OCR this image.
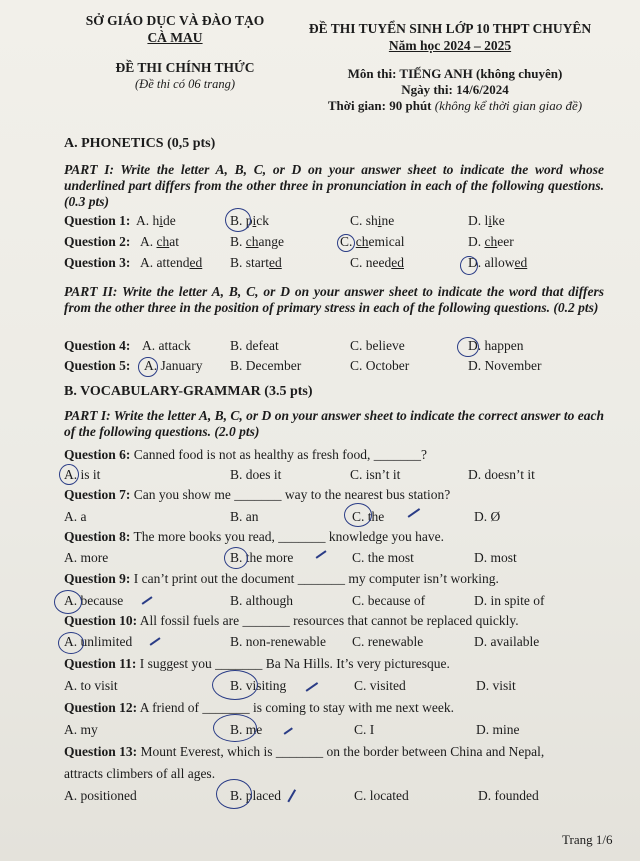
SỞ GIÁO DỤC VÀ ĐÀO TẠO
CÀ MAU
ĐỀ THI TUYỂN SINH LỚP 10 THPT CHUYÊN
Năm học 2024 – 2025
ĐỀ THI CHÍNH THỨC
(Đề thi có 06 trang)
Môn thi: TIẾNG ANH (không chuyên)
Ngày thi: 14/6/2024
Thời gian: 90 phút (không kể thời gian giao đề)
A. PHONETICS (0,5 pts)
PART I: Write the letter A, B, C, or D on your answer sheet to indicate the word whose underlined part differs from the other three in pronunciation in each of the following questions. (0.3 pts)
Question 1: A. hide	B. pick	C. shine	D. like
Question 2: A. chat	B. change	C. chemical	D. cheer
Question 3: A. attended B. started	C. needed	D. allowed
PART II: Write the letter A, B, C, or D on your answer sheet to indicate the word that differs from the other three in the position of primary stress in each of the following questions. (0.2 pts)
Question 4: A. attack	B. defeat	C. believe	D. happen
Question 5: A. January B. December	C. October	D. November
B. VOCABULARY-GRAMMAR (3.5 pts)
PART I: Write the letter A, B, C, or D on your answer sheet to indicate the correct answer to each of the following questions. (2.0 pts)
Question 6: Canned food is not as healthy as fresh food, _______?
A. is it	B. does it	C. isn’t it	D. doesn’t it
Question 7: Can you show me _______ way to the nearest bus station?
A. a	B. an	C. the	D. Ø
Question 8: The more books you read, _______ knowledge you have.
A. more	B. the more	C. the most	D. most
Question 9: I can’t print out the document _______ my computer isn’t working.
A. because	B. although	C. because of	D. in spite of
Question 10: All fossil fuels are _______ resources that cannot be replaced quickly.
A. unlimited	B. non-renewable C. renewable	D. available
Question 11: I suggest you _______ Ba Na Hills. It’s very picturesque.
A. to visit	B. visiting	C. visited	D. visit
Question 12: A friend of _______ is coming to stay with me next week.
A. my	B. me	C. I	D. mine
Question 13: Mount Everest, which is _______ on the border between China and Nepal,
attracts climbers of all ages.
A. positioned	B. placed	C. located	D. founded
Trang 1/6
